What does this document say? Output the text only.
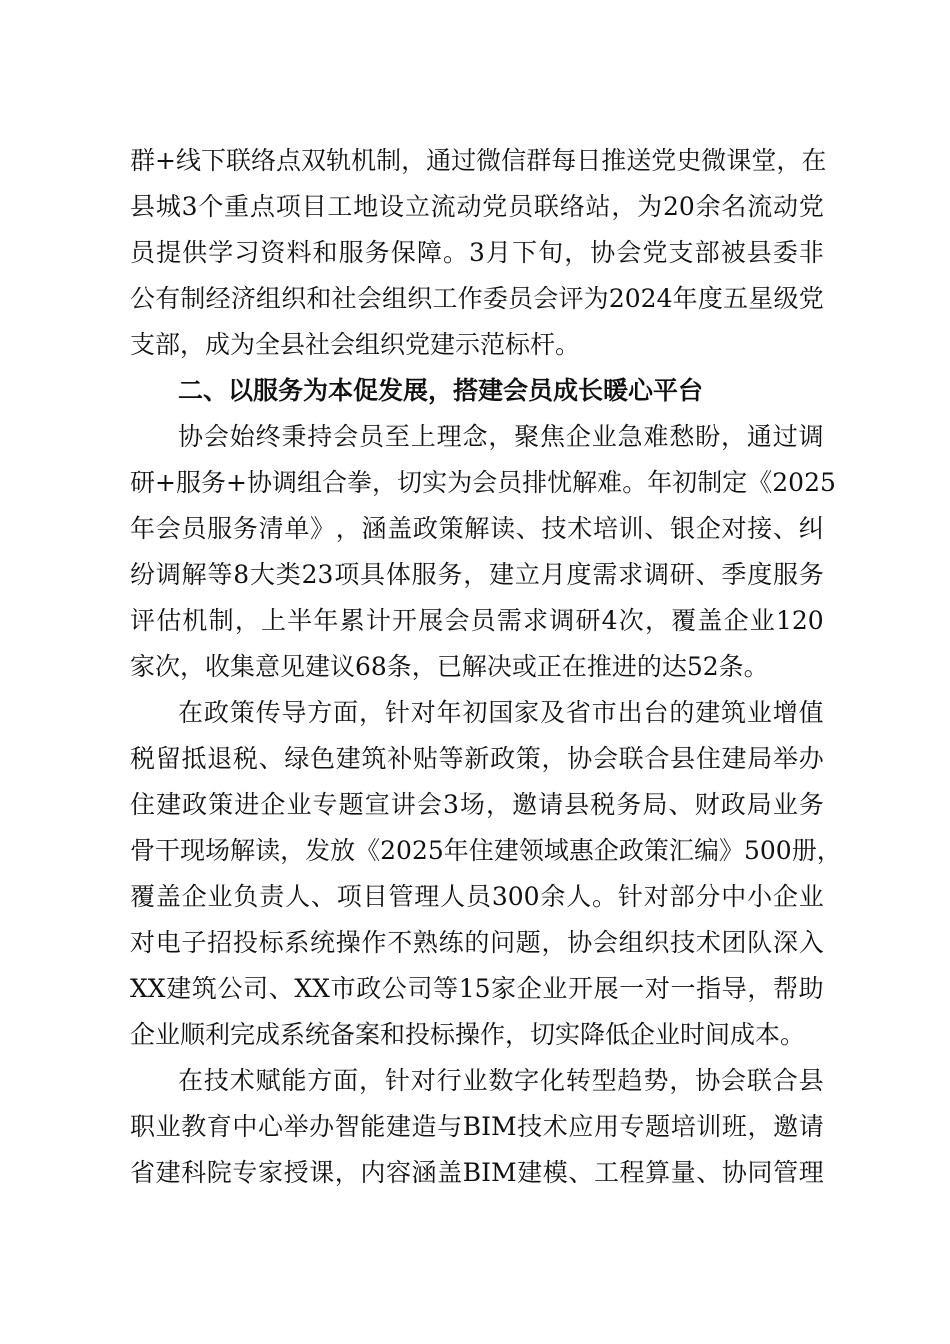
群 + 线 下 联 络 点 双 轨 机 制 ， 通 过 微 信 群 每 日 推 送 党 史 微 课 堂 ， 在
县 城 3 个 重 点 项 目 工 地 设 立 流 动 党 员 联 络 站 ， 为 20 余 名 流 动 党
员 提 供 学 习 资 料 和 服 务 保 障 。 3 月 下 旬 ， 协 会 党 支 部 被 县 委 非
公 有 制 经 济 组 织 和 社 会 组 织 工 作 委 员 会 评 为 2024 年 度 五 星 级 党
支部，成为全县社会组织党建示范标杆。
二、以服务为本促发展，搭建会员成长暖心平台
协 会 始 终 秉 持 会 员 至 上 理 念 ， 聚 焦 企 业 急 难 愁 盼 ， 通 过 调
研 + 服 务 + 协 调 组 合 拳 ， 切 实 为 会 员 排 忧 解 难 。 年 初 制 定 《 2025
年 会 员 服 务 清 单 》 ， 涵 盖 政 策 解 读 、 技 术 培 训 、 银 企 对 接 、 纠
纷 调 解 等 8 大 类 23 项 具 体 服 务 ， 建 立 月 度 需 求 调 研 、 季 度 服 务
评 估 机 制 ， 上 半 年 累 计 开 展 会 员 需 求 调 研 4 次 ， 覆 盖 企 业 120
家次，收集意见建议68条，已解决或正在推进的达52条。
在 政 策 传 导 方 面 ， 针 对 年 初 国 家 及 省 市 出 台 的 建 筑 业 增 值
税 留 抵 退 税 、 绿 色 建 筑 补 贴 等 新 政 策 ， 协 会 联 合 县 住 建 局 举 办
住 建 政 策 进 企 业 专 题 宣 讲 会 3 场 ， 邀 请 县 税 务 局 、 财 政 局 业 务
骨 干 现 场 解 读 ， 发 放 《 2025 年 住 建 领 域 惠 企 政 策 汇 编 》 500 册 ，
覆 盖 企 业 负 责 人 、 项 目 管 理 人 员 300 余 人 。 针 对 部 分 中 小 企 业
对 电 子 招 投 标 系 统 操 作 不 熟 练 的 问 题 ， 协 会 组 织 技 术 团 队 深 入
XX 建 筑 公 司 、 XX 市 政 公 司 等 15 家 企 业 开 展 一 对 一 指 导 ， 帮 助
企业顺利完成系统备案和投标操作，切实降低企业时间成本。
在 技 术 赋 能 方 面 ， 针 对 行 业 数 字 化 转 型 趋 势 ， 协 会 联 合 县
职 业 教 育 中 心 举 办 智 能 建 造 与 BIM 技 术 应 用 专 题 培 训 班 ， 邀 请
省 建 科 院 专 家 授 课 ， 内 容 涵 盖 BIM 建 模 、 工 程 算 量 、 协 同 管 理
